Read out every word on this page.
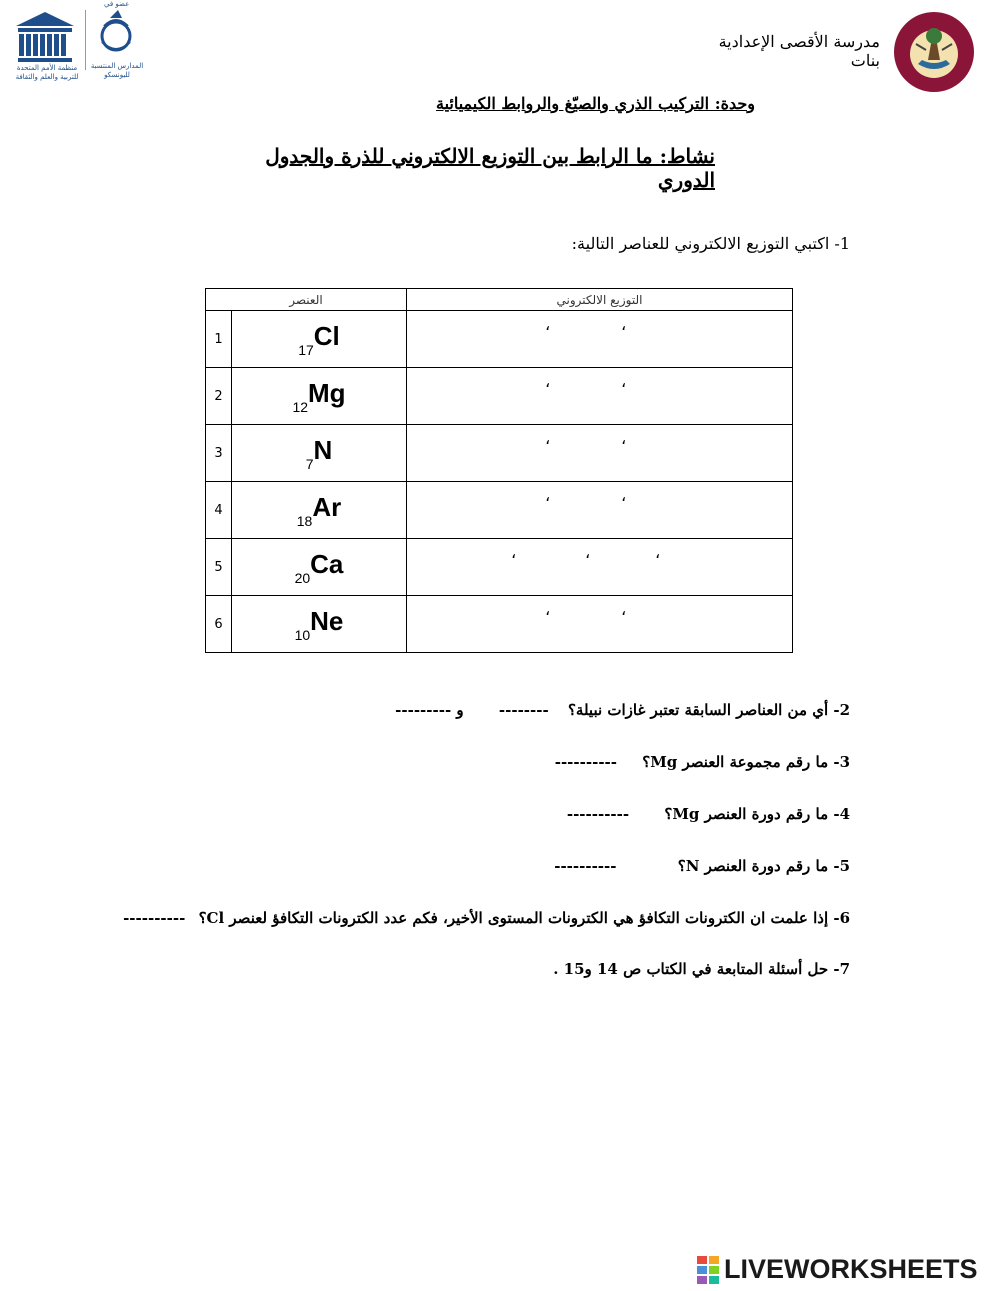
منظمة الأمم المتحدة
للتربية والعلم والثقافة
عضو في
المدارس المنتسبة
لليونسكو
مدرسة الأقصى الإعدادية بنات
وحدة: التركيب الذري والصيّغ والروابط الكيميائية
نشاط: ما الرابط بين التوزيع الالكتروني للذرة والجدول الدوري
1- اكتبي التوزيع الالكتروني للعناصر التالية:
العنصر		التوزيع الالكتروني
1	17Cl	، ،

2	12Mg	، ،

3	7N	، ،

4	18Ar	، ،

5	20Ca	، ، ،

6	10Ne	، ،
2- أي من العناصر السابقة تعتبر غازات نبيلة؟ -------- و ---------
3- ما رقم مجموعة العنصر Mg؟ ----------
4- ما رقم دورة العنصر Mg؟ ----------
5- ما رقم دورة العنصر N؟ ----------
6- إذا علمت ان الكترونات التكافؤ هي الكترونات المستوى الأخير، فكم عدد الكترونات التكافؤ لعنصر Cl؟ ----------
7- حل أسئلة المتابعة في الكتاب ص 14 و15 .
LIVEWORKSHEETS
